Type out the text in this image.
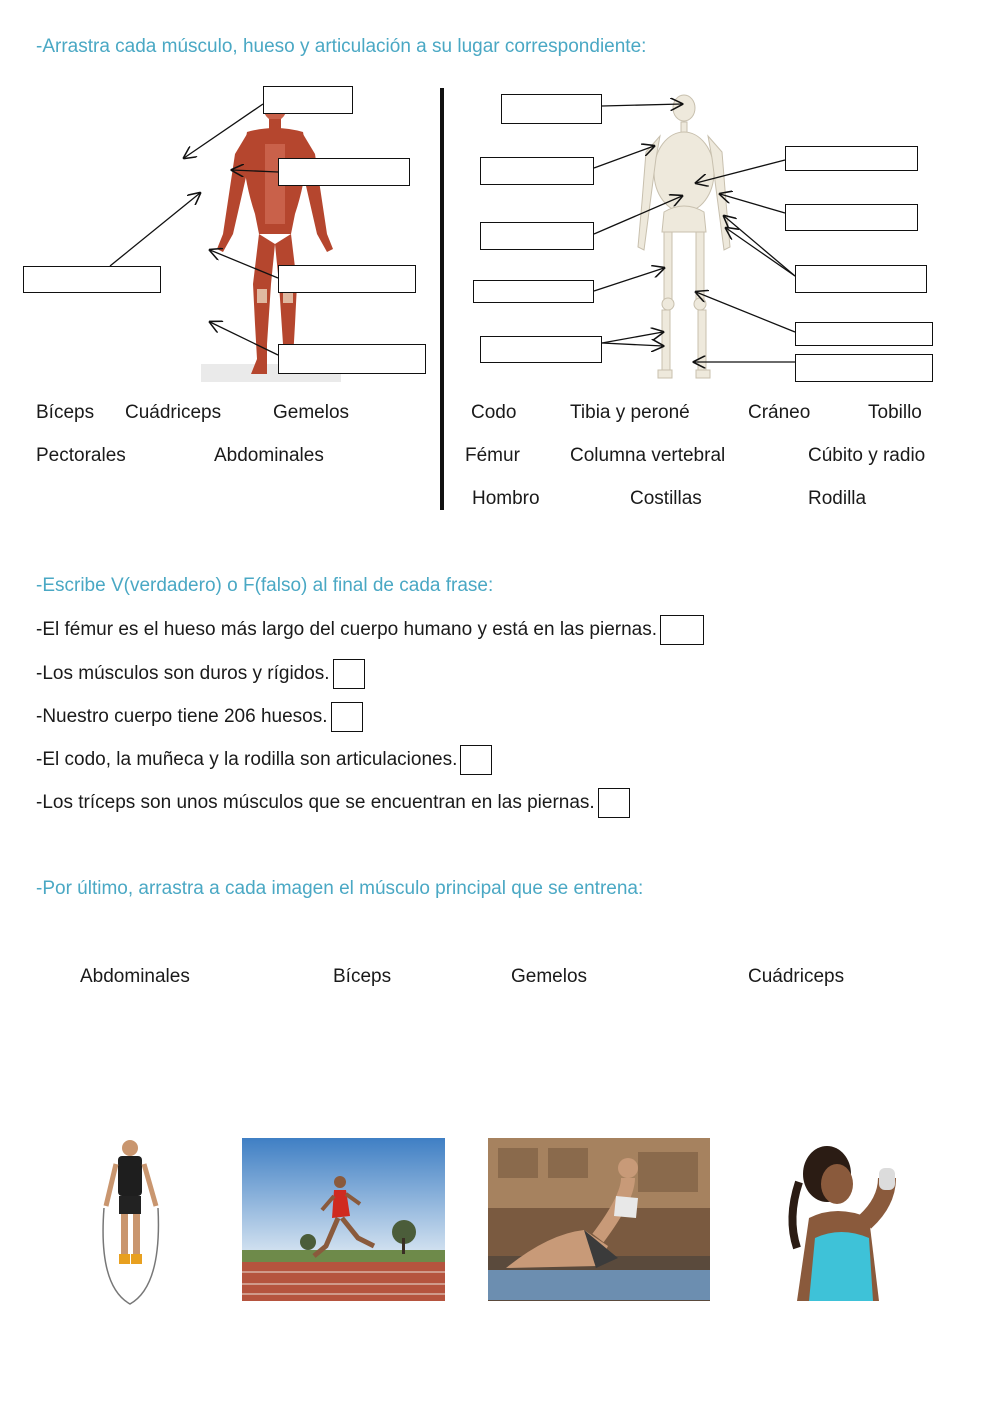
-Arrastra cada músculo, hueso y articulación a su lugar correspondiente:
Bíceps Cuádriceps	Gemelos
Pectorales	Abdominales
Codo	Tibia y peroné	Cráneo	Tobillo
Fémur	Columna vertebral	Cúbito y radio
Hombro	Costillas	Rodilla
-Escribe V(verdadero) o F(falso) al final de cada frase:
-El fémur es el hueso más largo del cuerpo humano y está en las piernas.
-Los músculos son duros y rígidos.
-Nuestro cuerpo tiene 206 huesos.
-El codo, la muñeca y la rodilla son articulaciones.
-Los tríceps son unos músculos que se encuentran en las piernas.
-Por último, arrastra a cada imagen el músculo principal que se entrena:
Abdominales	Bíceps	Gemelos	Cuádriceps
